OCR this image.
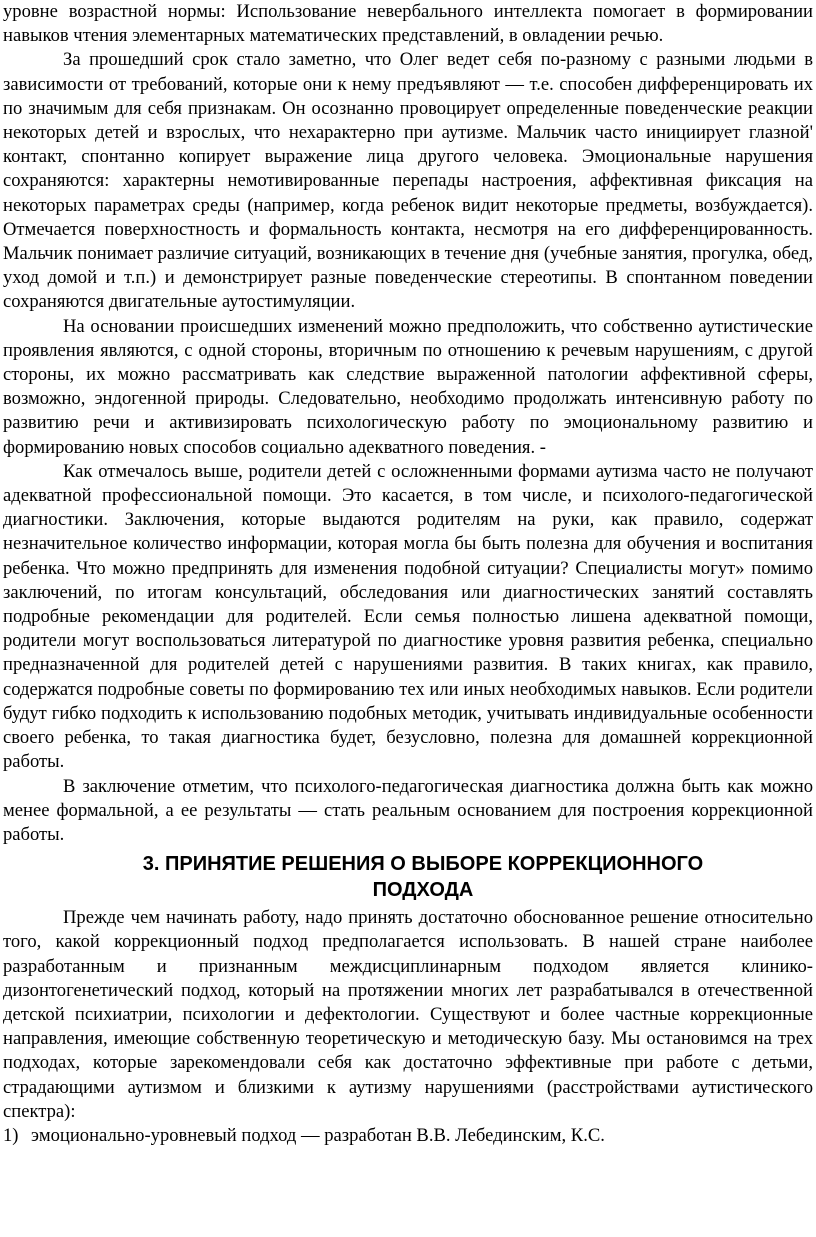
уровне возрастной нормы: Использование невербального интеллекта помогает в формировании навыков чтения элементарных математических представлений, в овладении речью.

За прошедший срок стало заметно, что Олег ведет себя по-разному с разными людьми в зависимости от требований, которые они к нему предъявляют — т.е. способен дифференцировать их по значимым для себя признакам. Он осознанно провоцирует определенные поведенческие реакции некоторых детей и взрослых, что нехарактерно при аутизме. Мальчик часто инициирует глазной' контакт, спонтанно копирует выражение лица другого человека. Эмоциональные нарушения сохраняются: характерны немотивированные перепады настроения, аффективная фиксация на некоторых параметрах среды (например, когда ребенок видит некоторые предметы, возбуждается). Отмечается поверхностность и формальность контакта, несмотря на его дифференцированность. Мальчик понимает различие ситуаций, возникающих в течение дня (учебные занятия, прогулка, обед, уход домой и т.п.) и демонстрирует разные поведенческие стереотипы. В спонтанном поведении сохраняются двигательные аутостимуляции.

На основании происшедших изменений можно предположить, что собственно аутистические проявления являются, с одной стороны, вторичным по отношению к речевым нарушениям, с другой стороны, их можно рассматривать как следствие выраженной патологии аффективной сферы, возможно, эндогенной природы. Следовательно, необходимо продолжать интенсивную работу по развитию речи и активизировать психологическую работу по эмоциональному развитию и формированию новых способов социально адекватного поведения. -

Как отмечалось выше, родители детей с осложненными формами аутизма часто не получают адекватной профессиональной помощи. Это касается, в том числе, и психолого-педагогической диагностики. Заключения, которые выдаются родителям на руки, как правило, содержат незначительное количество информации, которая могла бы быть полезна для обучения и воспитания ребенка. Что можно предпринять для изменения подобной ситуации? Специалисты могут» помимо заключений, по итогам консультаций, обследования или диагностических занятий составлять подробные рекомендации для родителей. Если семья полностью лишена адекватной помощи, родители могут воспользоваться литературой по диагностике уровня развития ребенка, специально предназначенной для родителей детей с нарушениями развития. В таких книгах, как правило, содержатся подробные советы по формированию тех или иных необходимых навыков. Если родители будут гибко подходить к использованию подобных методик, учитывать индивидуальные особенности своего ребенка, то такая диагностика будет, безусловно, полезна для домашней коррекционной работы.

В заключение отметим, что психолого-педагогическая диагностика должна быть как можно менее формальной, а ее результаты — стать реальным основанием для построения коррекционной работы.

3. ПРИНЯТИЕ РЕШЕНИЯ О ВЫБОРЕ КОРРЕКЦИОННОГО
ПОДХОДА

Прежде чем начинать работу, надо принять достаточно обоснованное решение относительно того, какой коррекционный подход предполагается использовать. В нашей стране наиболее разработанным и признанным междисциплинарным подходом является клинико-дизонтогенетический подход, который на протяжении многих лет разрабатывался в отечественной детской психиатрии, психологии и дефектологии. Существуют и более частные коррекционные направления, имеющие собственную теоретическую и методическую базу. Мы остановимся на трех подходах, которые зарекомендовали себя как достаточно эффективные при работе с детьми, страдающими аутизмом и близкими к аутизму нарушениями (расстройствами аутистического спектра):

1) эмоционально-уровневый подход — разработан В.В. Лебединским, К.С.
